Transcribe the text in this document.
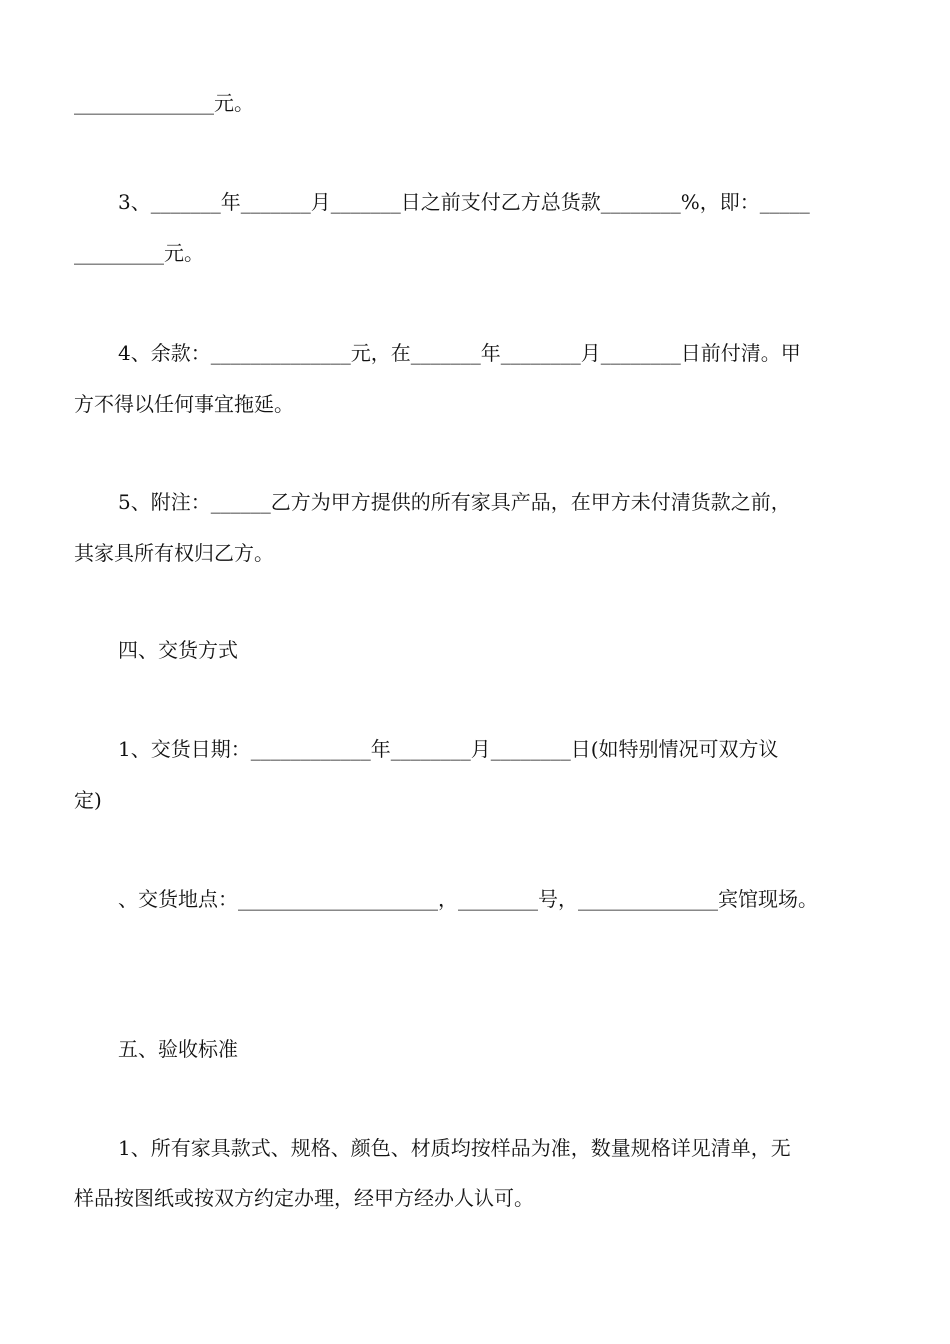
______________元。
3、_______年_______月_______日之前支付乙方总货款________%，即：_____
_________元。
4、余款：______________元，在_______年________月________日前付清。甲
方不得以任何事宜拖延。
5、附注：______乙方为甲方提供的所有家具产品，在甲方未付清货款之前，
其家具所有权归乙方。
四、交货方式
1、交货日期：____________年________月________日(如特别情况可双方议
定)
、交货地点：____________________，________号，______________宾馆现场。
五、验收标准
1、所有家具款式、规格、颜色、材质均按样品为准，数量规格详见清单，无
样品按图纸或按双方约定办理，经甲方经办人认可。
